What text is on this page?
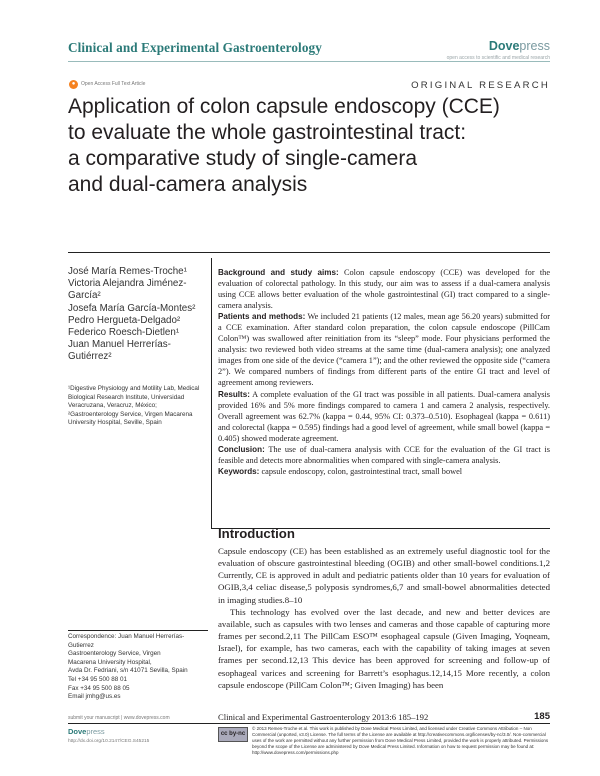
Clinical and Experimental Gastroenterology	Dovepress
open access to scientific and medical research
●	Open Access Full Text Article	ORIGINAL RESEARCH
Application of colon capsule endoscopy (CCE)
to evaluate the whole gastrointestinal tract:
a comparative study of single-camera
and dual-camera analysis
José María Remes-Troche¹
Victoria Alejandra Jiménez-
García²
Josefa María García-Montes²
Pedro Hergueta-Delgado²
Federico Roesch-Dietlen¹
Juan Manuel Herrerías-
Gutiérrez²
¹Digestive Physiology and Motility Lab, Medical Biological Research Institute, Universidad Veracruzana, Veracruz, México; ²Gastroenterology Service, Virgen Macarena University Hospital, Seville, Spain

Background and study aims: Colon capsule endoscopy (CCE) was developed for the evaluation of colorectal pathology. In this study, our aim was to assess if a dual-camera analysis using CCE allows better evaluation of the whole gastrointestinal (GI) tract compared to a single-camera analysis.

Patients and methods: We included 21 patients (12 males, mean age 56.20 years) submitted for a CCE examination. After standard colon preparation, the colon capsule endoscope (PillCam Colon™) was swallowed after reinitiation from its “sleep” mode. Four physicians performed the analysis: two reviewed both video streams at the same time (dual-camera analysis); one analyzed images from one side of the device (“camera 1”); and the other reviewed the opposite side (“camera 2”). We compared numbers of findings from different parts of the entire GI tract and level of agreement among reviewers.

Results: A complete evaluation of the GI tract was possible in all patients. Dual-camera analysis provided 16% and 5% more findings compared to camera 1 and camera 2 analysis, respectively. Overall agreement was 62.7% (kappa = 0.44, 95% CI: 0.373–0.510). Esophageal (kappa = 0.611) and colorectal (kappa = 0.595) findings had a good level of agreement, while small bowel (kappa = 0.405) showed moderate agreement.

Conclusion: The use of dual-camera analysis with CCE for the evaluation of the GI tract is feasible and detects more abnormalities when compared with single-camera analysis.

Keywords: capsule endoscopy, colon, gastrointestinal tract, small bowel

Introduction

Capsule endoscopy (CE) has been established as an extremely useful diagnostic tool for the evaluation of obscure gastrointestinal bleeding (OGIB) and other small-bowel conditions.1,2 Currently, CE is approved in adult and pediatric patients older than 10 years for evaluation of OGIB,3,4 celiac disease,5 polyposis syndromes,6,7 and small-bowel abnormalities detected in imaging studies.8–10

This technology has evolved over the last decade, and new and better devices are available, such as capsules with two lenses and cameras and those capable of capturing more frames per second.2,11 The PillCam ESO™ esophageal capsule (Given Imaging, Yoqneam, Israel), for example, has two cameras, each with the capability of taking images at seven frames per second.12,13 This device has been approved for screening and follow-up of esophageal varices and screening for Barrett’s esophagus.12,14,15 More recently, a colon capsule endoscope (PillCam Colon™; Given Imaging) has been

Correspondence: Juan Manuel Herrerías-
Gutierrez
Gastroenterology Service, Virgen
Macarena University Hospital,
Avda Dr. Fedriani, s/n 41071 Sevilla, Spain
Tel +34 95 500 88 01
Fax +34 95 500 88 05
Email jmhg@us.es
submit your manuscript | www.dovepress.com	Clinical and Experimental Gastroenterology 2013:6 185–192	185
Dovepress
http://dx.doi.org/10.2147/CEG.S45215
cc by-nc
© 2013 Remes-Troche et al. This work is published by Dove Medical Press Limited, and licensed under Creative Commons Attribution – Non Commercial (unported, v3.0) License. The full terms of the License are available at http://creativecommons.org/licenses/by-nc/3.0/. Non-commercial uses of the work are permitted without any further permission from Dove Medical Press Limited, provided the work is properly attributed. Permissions beyond the scope of the License are administered by Dove Medical Press Limited. Information on how to request permission may be found at: http://www.dovepress.com/permissions.php
